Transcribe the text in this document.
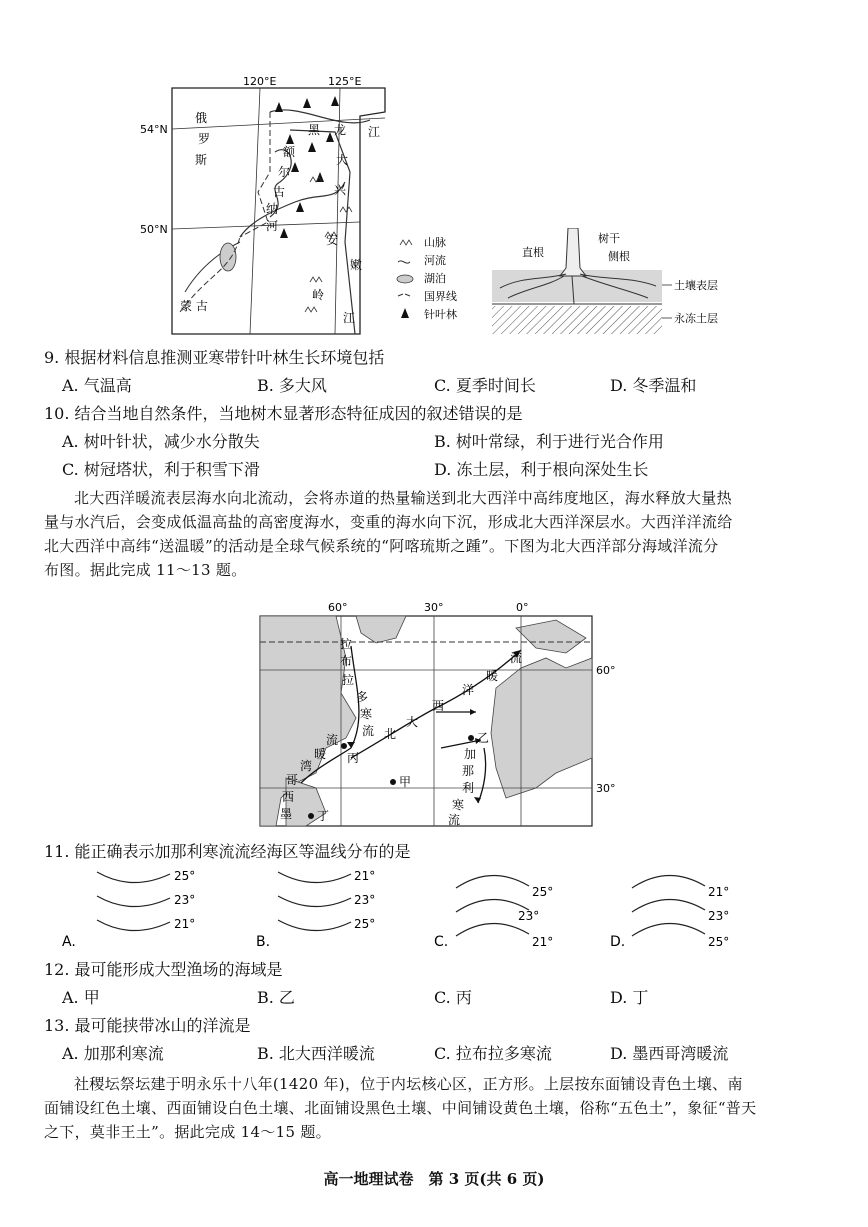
120°E	125°E
54°N
50°N
俄
罗
斯
黑 龙 江
额
尔
古
纳
河
大
兴
安
岭
嫩
江
蒙 古
山脉
河流
湖泊
国界线
针叶林
直根
树干
侧根
土壤表层
永冻土层
9. 根据材料信息推测亚寒带针叶林生长环境包括
A. 气温高	B. 多大风	C. 夏季时间长	D. 冬季温和
10. 结合当地自然条件，当地树木显著形态特征成因的叙述错误的是
A. 树叶针状，减少水分散失	B. 树叶常绿，利于进行光合作用
C. 树冠塔状，利于积雪下滑	D. 冻土层，利于根向深处生长
北大西洋暖流表层海水向北流动，会将赤道的热量输送到北大西洋中高纬度地区，海水释放大量热
量与水汽后，会变成低温高盐的高密度海水，变重的海水向下沉，形成北大西洋深层水。大西洋洋流给
北大西洋中高纬“送温暖”的活动是全球气候系统的“阿喀琉斯之踵”。下图为北大西洋部分海域洋流分
布图。据此完成 11～13 题。
60°	30°	0°
60°
30°
拉
布
拉
多
寒
流 北
大
西
洋
暖
流
加
那
利
寒
流
墨
西
哥
湾
暖
流
甲
乙
丙
丁
11. 能正确表示加那利寒流流经海区等温线分布的是
A.
25°
23°
21°
B.
21°
23°
25°
C.
25°
23°
21°	D.
21°
23°
25°
12. 最可能形成大型渔场的海域是
A. 甲	B. 乙	C. 丙	D. 丁
13. 最可能挟带冰山的洋流是
A. 加那利寒流	B. 北大西洋暖流	C. 拉布拉多寒流	D. 墨西哥湾暖流
社稷坛祭坛建于明永乐十八年(1420 年)，位于内坛核心区，正方形。上层按东面铺设青色土壤、南
面铺设红色土壤、西面铺设白色土壤、北面铺设黑色土壤、中间铺设黄色土壤，俗称“五色土”，象征“普天
之下，莫非王土”。据此完成 14～15 题。
高一地理试卷　第 3 页(共 6 页)
